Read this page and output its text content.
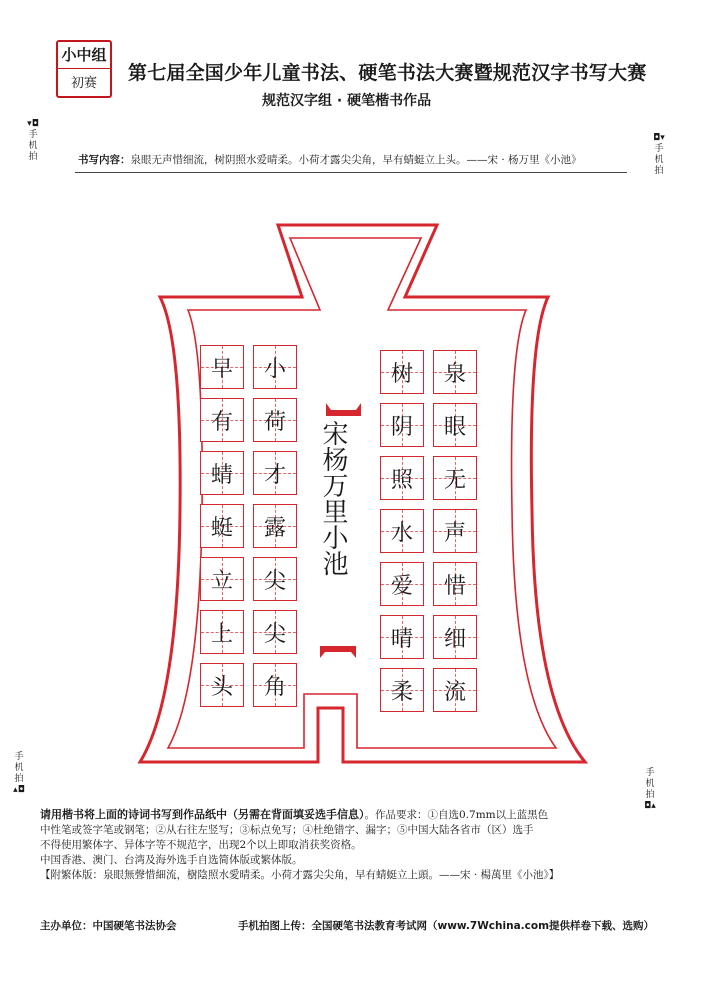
小中组
初赛	第七届全国少年儿童书法、硬笔书法大赛暨规范汉字书写大赛
规范汉字组 · 硬笔楷书作品
▾◘
手
机
拍
◘▾
手
机
拍
手
机
拍
▴◘
手
机
拍
◘▴
书写内容：泉眼无声惜细流，树阴照水爱晴柔。小荷才露尖尖角，早有蜻蜓立上头。——宋 · 杨万里《小池》
早
有
蜻
蜓
立
上
头
小
荷
才
露
尖
尖
角
树
阴
照
水
爱
晴
柔
泉
眼
无
声
惜
细
流
宋杨万里小池
请用楷书将上面的诗词书写到作品纸中（另需在背面填妥选手信息）。作品要求：①自选0.7mm以上蓝黑色
中性笔或签字笔或钢笔；②从右往左竖写；③标点免写；④杜绝错字、漏字；⑤中国大陆各省市（区）选手
不得使用繁体字、异体字等不规范字，出现2个以上即取消获奖资格。
中国香港、澳门、台湾及海外选手自选简体版或繁体版。
【附繁体版：泉眼無聲惜細流，樹陰照水愛晴柔。小荷才露尖尖角，早有蜻蜓立上頭。——宋 · 楊萬里《小池》】
主办单位：中国硬笔书法协会	手机拍图上传：全国硬笔书法教育考试网（www.7Wchina.com提供样卷下载、选购）
